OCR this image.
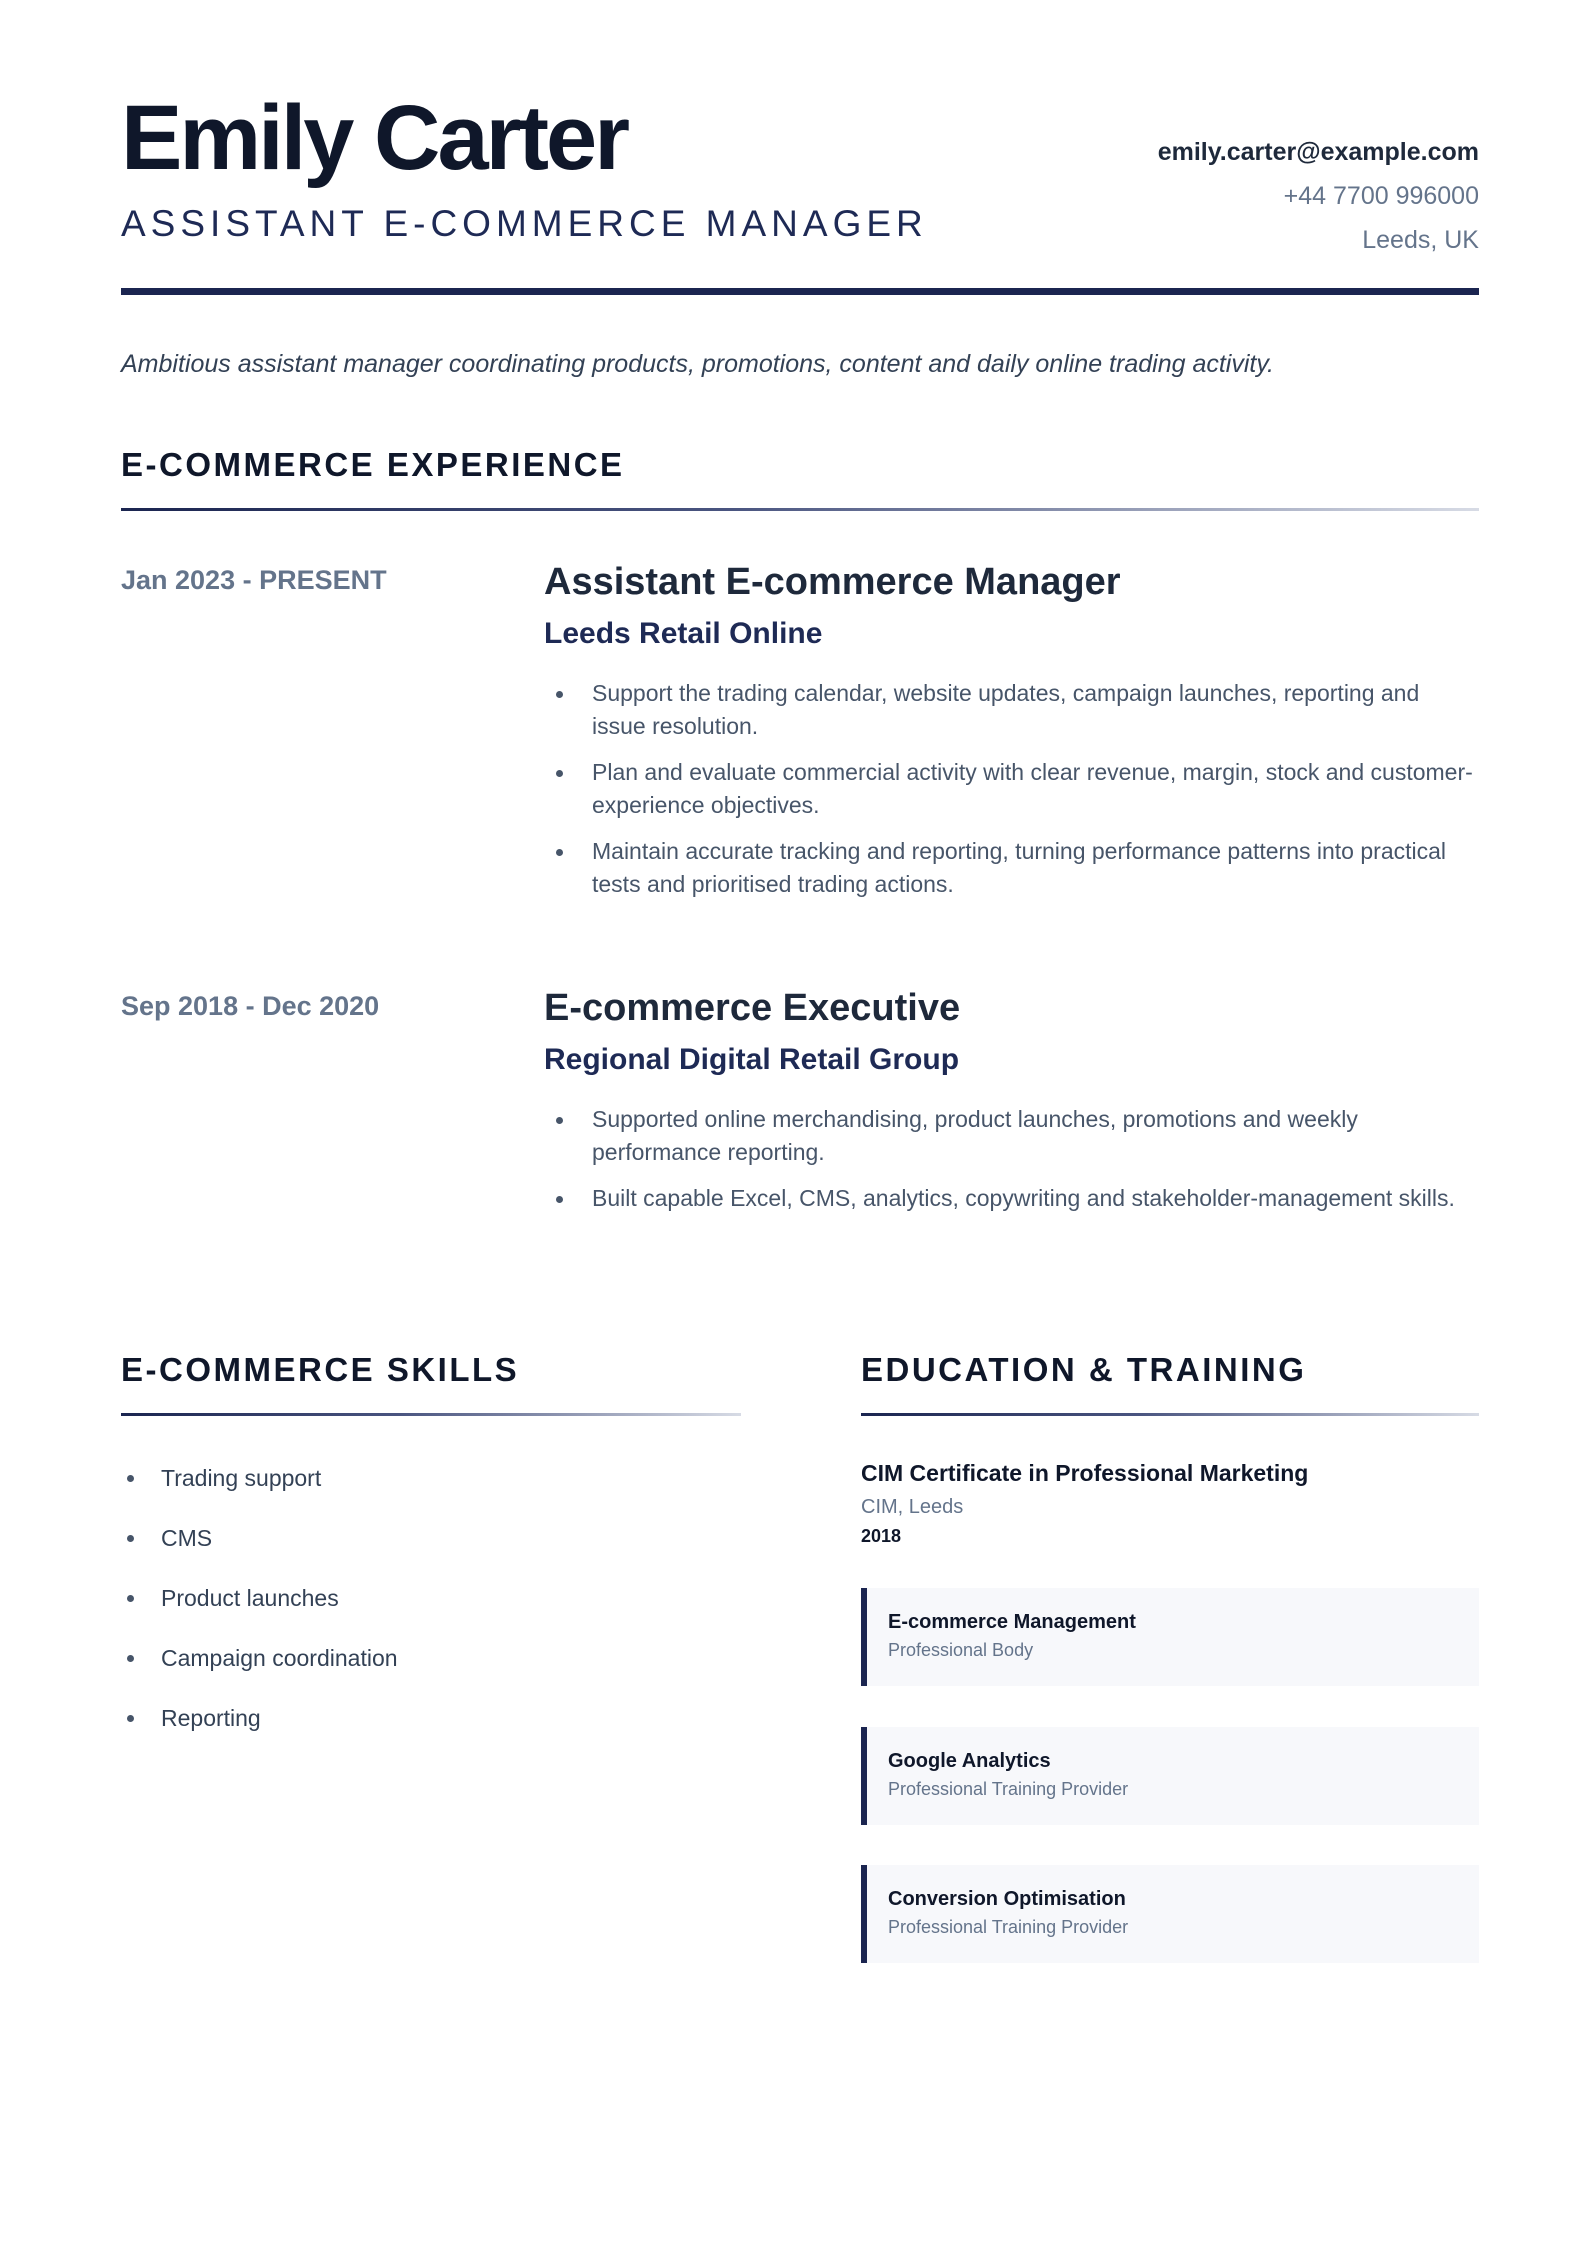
Emily Carter
ASSISTANT E-COMMERCE MANAGER
emily.carter@example.com
+44 7700 996000
Leeds, UK
Ambitious assistant manager coordinating products, promotions, content and daily online trading activity.
E-COMMERCE EXPERIENCE
Jan 2023 - PRESENT	Assistant E-commerce Manager
Leeds Retail Online
Support the trading calendar, website updates, campaign launches, reporting and issue resolution.
Plan and evaluate commercial activity with clear revenue, margin, stock and customer-experience objectives.
Maintain accurate tracking and reporting, turning performance patterns into practical tests and prioritised trading actions.
Sep 2018 - Dec 2020	E-commerce Executive
Regional Digital Retail Group
Supported online merchandising, product launches, promotions and weekly performance reporting.
Built capable Excel, CMS, analytics, copywriting and stakeholder-management skills.
E-COMMERCE SKILLS
Trading support
CMS
Product launches
Campaign coordination
Reporting
EDUCATION & TRAINING
CIM Certificate in Professional Marketing
CIM, Leeds
2018
E-commerce Management
Professional Body
Google Analytics
Professional Training Provider
Conversion Optimisation
Professional Training Provider
